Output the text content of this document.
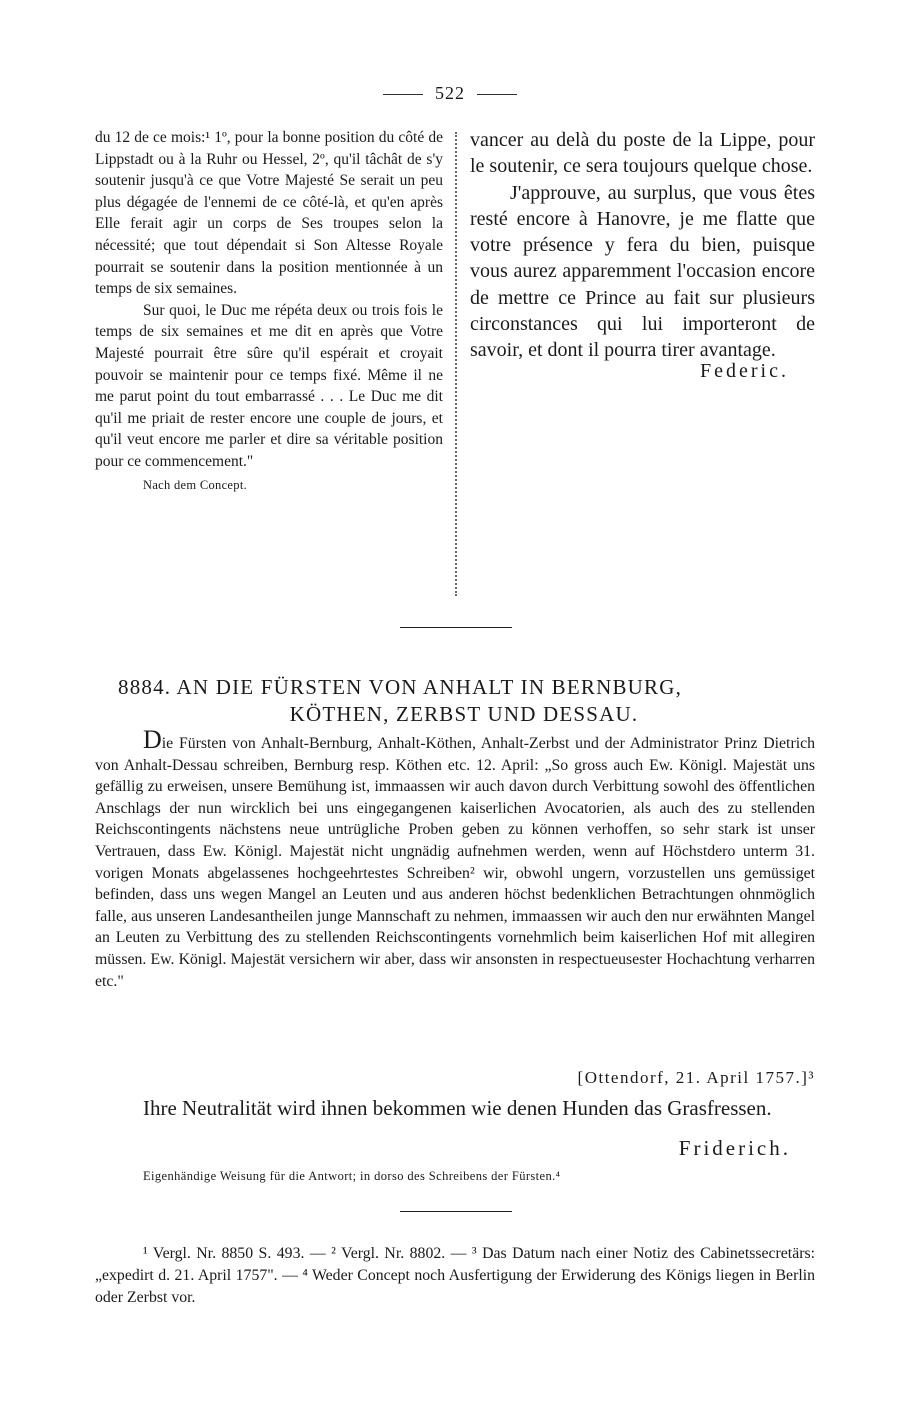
522

du 12 de ce mois:¹ 1º, pour la bonne position du côté de Lippstadt ou à la Ruhr ou Hessel, 2º, qu'il tâchât de s'y soutenir jusqu'à ce que Votre Majesté Se serait un peu plus dégagée de l'ennemi de ce côté-là, et qu'en après Elle ferait agir un corps de Ses troupes selon la nécessité; que tout dépendait si Son Altesse Royale pourrait se soutenir dans la position mentionnée à un temps de six semaines.

Sur quoi, le Duc me répéta deux ou trois fois le temps de six semaines et me dit en après que Votre Majesté pourrait être sûre qu'il espérait et croyait pouvoir se maintenir pour ce temps fixé. Même il ne me parut point du tout embarrassé . . . Le Duc me dit qu'il me priait de rester encore une couple de jours, et qu'il veut encore me parler et dire sa véritable position pour ce commencement."

Nach dem Concept.

vancer au delà du poste de la Lippe, pour le soutenir, ce sera toujours quelque chose.

J'approuve, au surplus, que vous êtes resté encore à Hanovre, je me flatte que votre présence y fera du bien, puisque vous aurez apparemment l'occasion encore de mettre ce Prince au fait sur plusieurs circonstances qui lui importeront de savoir, et dont il pourra tirer avantage.

Federic.
8884. AN DIE FÜRSTEN VON ANHALT IN BERNBURG,
KÖTHEN, ZERBST UND DESSAU.

Die Fürsten von Anhalt-Bernburg, Anhalt-Köthen, Anhalt-Zerbst und der Administrator Prinz Dietrich von Anhalt-Dessau schreiben, Bernburg resp. Köthen etc. 12. April: „So gross auch Ew. Königl. Majestät uns gefällig zu erweisen, unsere Bemühung ist, immaassen wir auch davon durch Verbittung sowohl des öffentlichen Anschlags der nun wircklich bei uns eingegangenen kaiserlichen Avocatorien, als auch des zu stellenden Reichscontingents nächstens neue untrügliche Proben geben zu können verhoffen, so sehr stark ist unser Vertrauen, dass Ew. Königl. Majestät nicht ungnädig aufnehmen werden, wenn auf Höchstdero unterm 31. vorigen Monats abgelassenes hochgeehrtestes Schreiben² wir, obwohl ungern, vorzustellen uns gemüssiget befinden, dass uns wegen Mangel an Leuten und aus anderen höchst bedenklichen Betrachtungen ohnmöglich falle, aus unseren Landesantheilen junge Mannschaft zu nehmen, immaassen wir auch den nur erwähnten Mangel an Leuten zu Verbittung des zu stellenden Reichscontingents vornehmlich beim kaiserlichen Hof mit allegiren müssen. Ew. Königl. Majestät versichern wir aber, dass wir ansonsten in respectueusester Hochachtung verharren etc."

[Ottendorf, 21. April 1757.]³

Ihre Neutralität wird ihnen bekommen wie denen Hunden das Grasfressen.

Friderich.
Eigenhändige Weisung für die Antwort; in dorso des Schreibens der Fürsten.⁴

¹ Vergl. Nr. 8850 S. 493. — ² Vergl. Nr. 8802. — ³ Das Datum nach einer Notiz des Cabinetssecretärs: „expedirt d. 21. April 1757". — ⁴ Weder Concept noch Ausfertigung der Erwiderung des Königs liegen in Berlin oder Zerbst vor.
